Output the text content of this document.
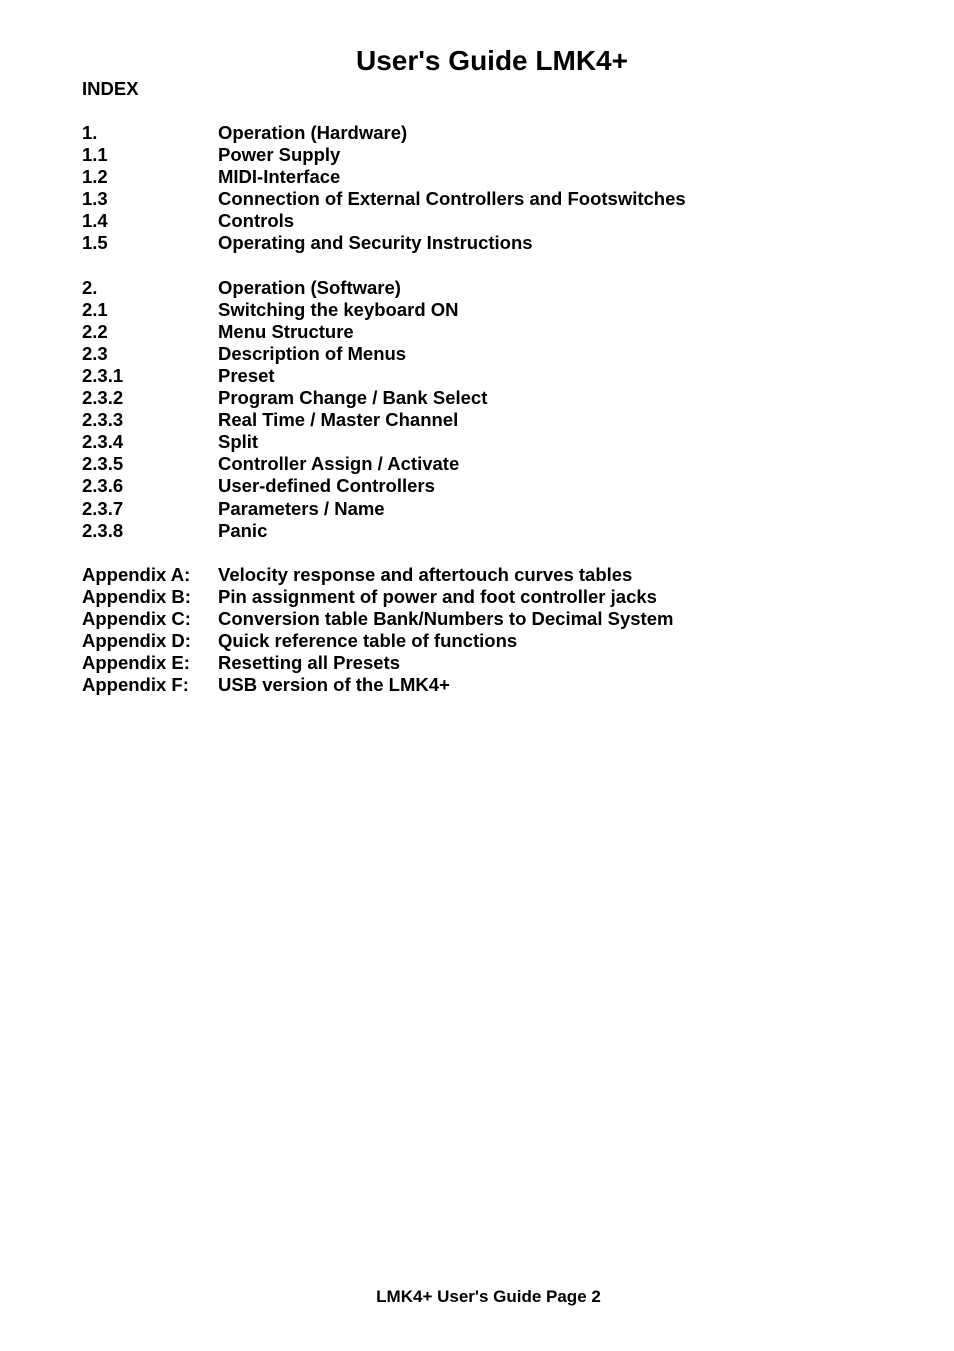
User's Guide LMK4+
INDEX
1.	Operation (Hardware)
1.1	Power Supply
1.2	MIDI-Interface
1.3	Connection of External Controllers and Footswitches
1.4	Controls
1.5	Operating and Security Instructions
2.	Operation (Software)
2.1	Switching the keyboard ON
2.2	Menu Structure
2.3	Description of Menus
2.3.1	Preset
2.3.2	Program Change / Bank Select
2.3.3	Real Time / Master Channel
2.3.4	Split
2.3.5	Controller Assign / Activate
2.3.6	User-defined Controllers
2.3.7	Parameters / Name
2.3.8	Panic
Appendix A:	Velocity response and aftertouch curves tables
Appendix B:	Pin assignment of power and foot controller jacks
Appendix C:	Conversion table Bank/Numbers to Decimal System
Appendix D:	Quick reference table of functions
Appendix E:	Resetting all Presets
Appendix F:	USB version of the LMK4+
LMK4+ User's Guide Page 2
